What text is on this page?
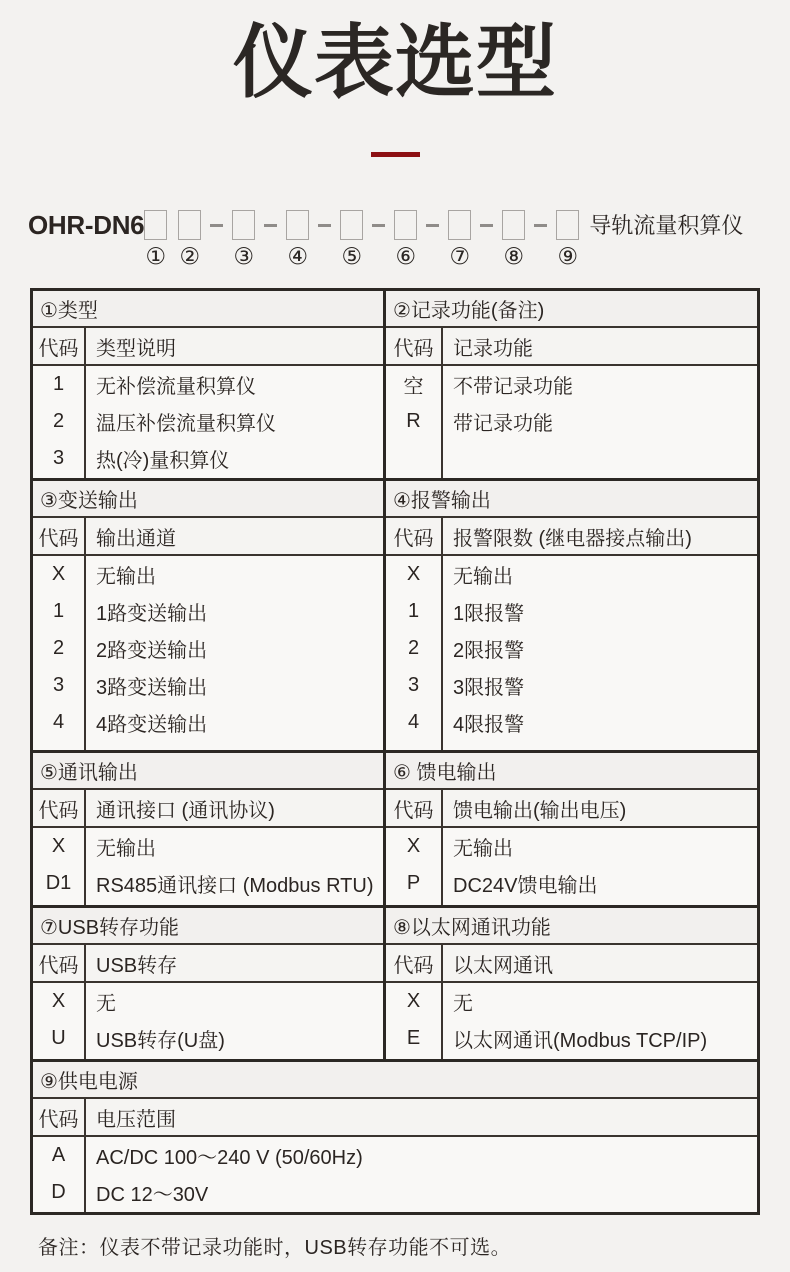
仪表选型
OHR-DN6
① ② ③ ④ ⑤ ⑥ ⑦ ⑧ ⑨
导轨流量积算仪
①类型
代码 类型说明
1	无补偿流量积算仪
2	温压补偿流量积算仪
3	热(冷)量积算仪
②记录功能(备注)
代码 记录功能
空	不带记录功能
R	带记录功能
③变送输出
代码 输出通道
X	无输出
1	1路变送输出
2	2路变送输出
3	3路变送输出
4	4路变送输出
④报警输出
代码 报警限数 (继电器接点输出)
X	无输出
1	1限报警
2	2限报警
3	3限报警
4	4限报警
⑤通讯输出
代码 通讯接口 (通讯协议)
X	无输出
D1	RS485通讯接口 (Modbus RTU)
⑥ 馈电输出
代码 馈电输出(输出电压)
X	无输出
P	DC24V馈电输出
⑦USB转存功能
代码 USB转存
X	无
U	USB转存(U盘)
⑧以太网通讯功能
代码 以太网通讯
X	无
E	以太网通讯(Modbus TCP/IP)
⑨供电电源
代码 电压范围
A	AC/DC 100～240 V (50/60Hz)
D	DC 12～30V
备注：仪表不带记录功能时，USB转存功能不可选。
